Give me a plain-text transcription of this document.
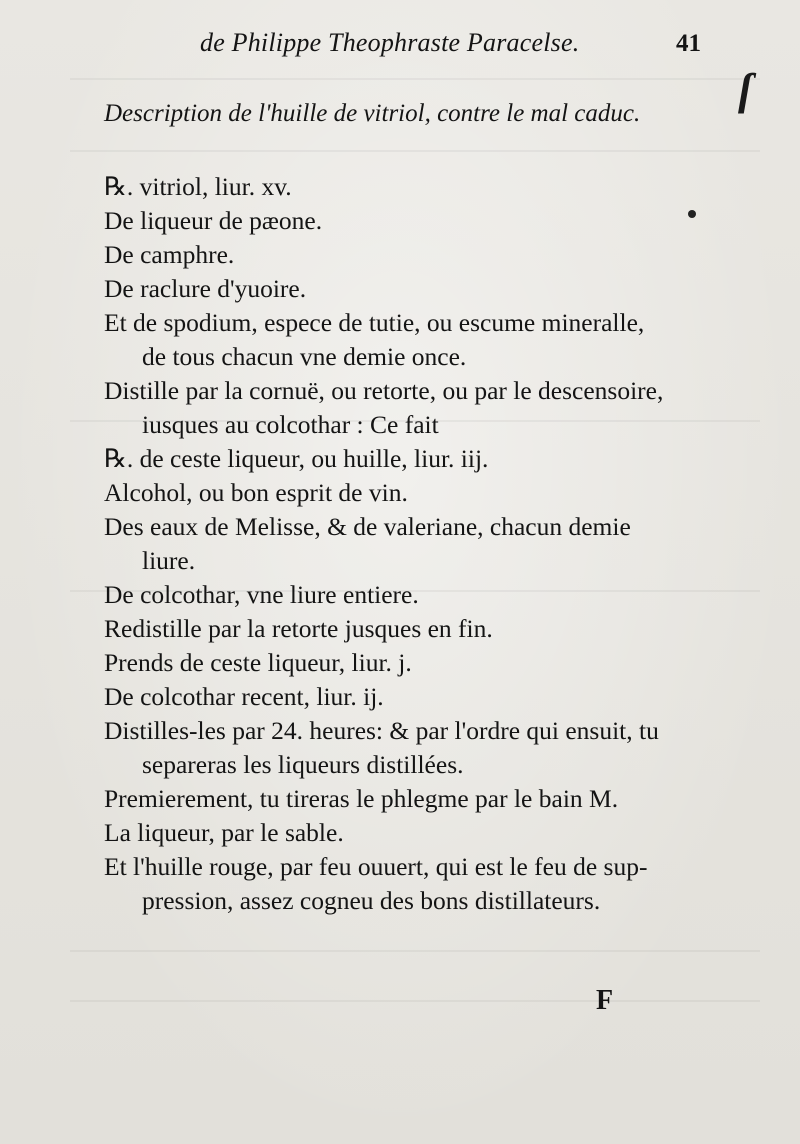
de Philippe Theophraste Paracelse.	41
ſ
Description de l'huille de vitriol, contre le mal caduc.
℞. vitriol, liur. xv.
De liqueur de pæone.
De camphre.
De raclure d'yuoire.
Et de spodium, espece de tutie, ou escume mineralle,
de tous chacun vne demie once.
Distille par la cornuë, ou retorte, ou par le descensoire,
iusques au colcothar : Ce fait
℞. de ceste liqueur, ou huille, liur. iij.
Alcohol, ou bon esprit de vin.
Des eaux de Melisse, & de valeriane, chacun demie
liure.
De colcothar, vne liure entiere.
Redistille par la retorte jusques en fin.
Prends de ceste liqueur, liur. j.
De colcothar recent, liur. ij.
Distilles-les par 24. heures: & par l'ordre qui ensuit, tu
separeras les liqueurs distillées.
Premierement, tu tireras le phlegme par le bain M.
La liqueur, par le sable.
Et l'huille rouge, par feu ouuert, qui est le feu de sup-
pression, assez cogneu des bons distillateurs.
F
